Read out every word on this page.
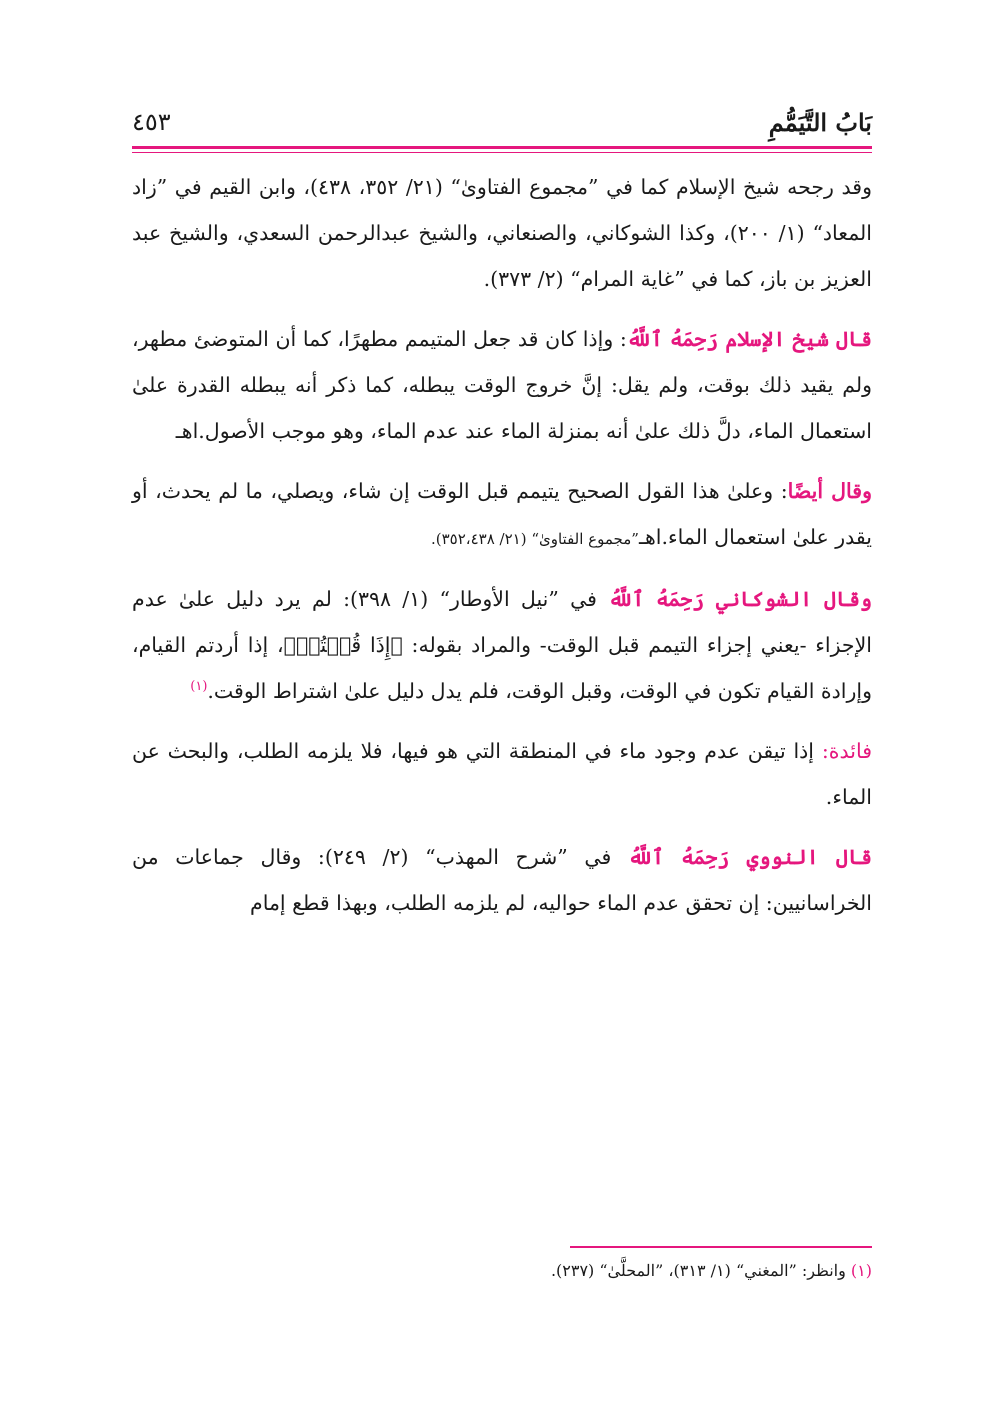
بَابُ التَّيَمُّمِ
٤٥٣

وقد رجحه شيخ الإسلام كما في ”مجموع الفتاوىٰ“ (٢١/ ٣٥٢، ٤٣٨)، وابن القيم في ”زاد المعاد“ (١/ ٢٠٠)، وكذا الشوكاني، والصنعاني، والشيخ عبدالرحمن السعدي، والشيخ عبد العزيز بن باز، كما في ”غاية المرام“ (٢/ ٣٧٣).

قال شيخ الإسلام رَحِمَهُ ٱللَّهُ: وإذا كان قد جعل المتيمم مطهرًا، كما أن المتوضئ مطهر، ولم يقيد ذلك بوقت، ولم يقل: إنَّ خروج الوقت يبطله، كما ذكر أنه يبطله القدرة علىٰ استعمال الماء، دلَّ ذلك علىٰ أنه بمنزلة الماء عند عدم الماء، وهو موجب الأصول.اهـ

وقال أيضًا: وعلىٰ هذا القول الصحيح يتيمم قبل الوقت إن شاء، ويصلي، ما لم يحدث، أو يقدر علىٰ استعمال الماء.اهـ”مجموع الفتاوىٰ“ (٢١/ ٣٥٢،٤٣٨).

وقال الشوكاني رَحِمَهُ ٱللَّهُ في ”نيل الأوطار“ (١/ ٣٩٨): لم يرد دليل علىٰ عدم الإجزاء -يعني إجزاء التيمم قبل الوقت- والمراد بقوله: ﴿إِذَا قُمۡتُمۡ﴾، إذا أردتم القيام، وإرادة القيام تكون في الوقت، وقبل الوقت، فلم يدل دليل علىٰ اشتراط الوقت.$^{(١)}$

فائدة: إذا تيقن عدم وجود ماء في المنطقة التي هو فيها، فلا يلزمه الطلب، والبحث عن الماء.

قال النووي رَحِمَهُ ٱللَّهُ في ”شرح المهذب“ (٢/ ٢٤٩): وقال جماعات من الخراسانيين: إن تحقق عدم الماء حواليه، لم يلزمه الطلب، وبهذا قطع إمام

(١) وانظر: ”المغني“ (١/ ٣١٣)، ”المحلَّىٰ“ (٢٣٧).
